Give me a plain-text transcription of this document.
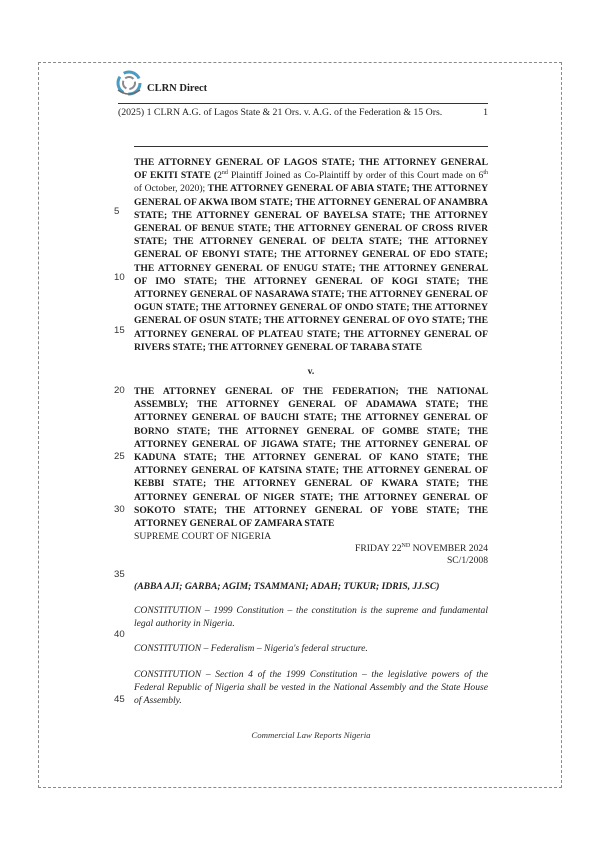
CLRN Direct
(2025) 1 CLRN A.G. of Lagos State & 21 Ors. v. A.G. of the Federation & 15 Ors.	1

THE ATTORNEY GENERAL OF LAGOS STATE; THE ATTORNEY GENERAL OF EKITI STATE (2nd Plaintiff Joined as Co-Plaintiff by order of this Court made on 6th of October, 2020); THE ATTORNEY GENERAL OF ABIA STATE; THE ATTORNEY GENERAL OF AKWA IBOM STATE; THE ATTORNEY GENERAL OF ANAMBRA STATE; THE ATTORNEY GENERAL OF BAYELSA STATE; THE ATTORNEY GENERAL OF BENUE STATE; THE ATTORNEY GENERAL OF CROSS RIVER STATE; THE ATTORNEY GENERAL OF DELTA STATE; THE ATTORNEY GENERAL OF EBONYI STATE; THE ATTORNEY GENERAL OF EDO STATE; THE ATTORNEY GENERAL OF ENUGU STATE; THE ATTORNEY GENERAL OF IMO STATE; THE ATTORNEY GENERAL OF KOGI STATE; THE ATTORNEY GENERAL OF NASARAWA STATE; THE ATTORNEY GENERAL OF OGUN STATE; THE ATTORNEY GENERAL OF ONDO STATE; THE ATTORNEY GENERAL OF OSUN STATE; THE ATTORNEY GENERAL OF OYO STATE; THE ATTORNEY GENERAL OF PLATEAU STATE; THE ATTORNEY GENERAL OF RIVERS STATE; THE ATTORNEY GENERAL OF TARABA STATE

v.

THE ATTORNEY GENERAL OF THE FEDERATION; THE NATIONAL ASSEMBLY; THE ATTORNEY GENERAL OF ADAMAWA STATE; THE ATTORNEY GENERAL OF BAUCHI STATE; THE ATTORNEY GENERAL OF BORNO STATE; THE ATTORNEY GENERAL OF GOMBE STATE; THE ATTORNEY GENERAL OF JIGAWA STATE; THE ATTORNEY GENERAL OF KADUNA STATE; THE ATTORNEY GENERAL OF KANO STATE; THE ATTORNEY GENERAL OF KATSINA STATE; THE ATTORNEY GENERAL OF KEBBI STATE; THE ATTORNEY GENERAL OF KWARA STATE; THE ATTORNEY GENERAL OF NIGER STATE; THE ATTORNEY GENERAL OF SOKOTO STATE; THE ATTORNEY GENERAL OF YOBE STATE; THE ATTORNEY GENERAL OF ZAMFARA STATE

5
10
15
20
25
30
35
40
45
SUPREME COURT OF NIGERIA
FRIDAY 22ND NOVEMBER 2024
SC/1/2008
(ABBA AJI; GARBA; AGIM; TSAMMANI; ADAH; TUKUR; IDRIS, JJ.SC)

CONSTITUTION – 1999 Constitution – the constitution is the supreme and fundamental legal authority in Nigeria.

CONSTITUTION – Federalism – Nigeria's federal structure.

CONSTITUTION – Section 4 of the 1999 Constitution – the legislative powers of the Federal Republic of Nigeria shall be vested in the National Assembly and the State House of Assembly.

Commercial Law Reports Nigeria
